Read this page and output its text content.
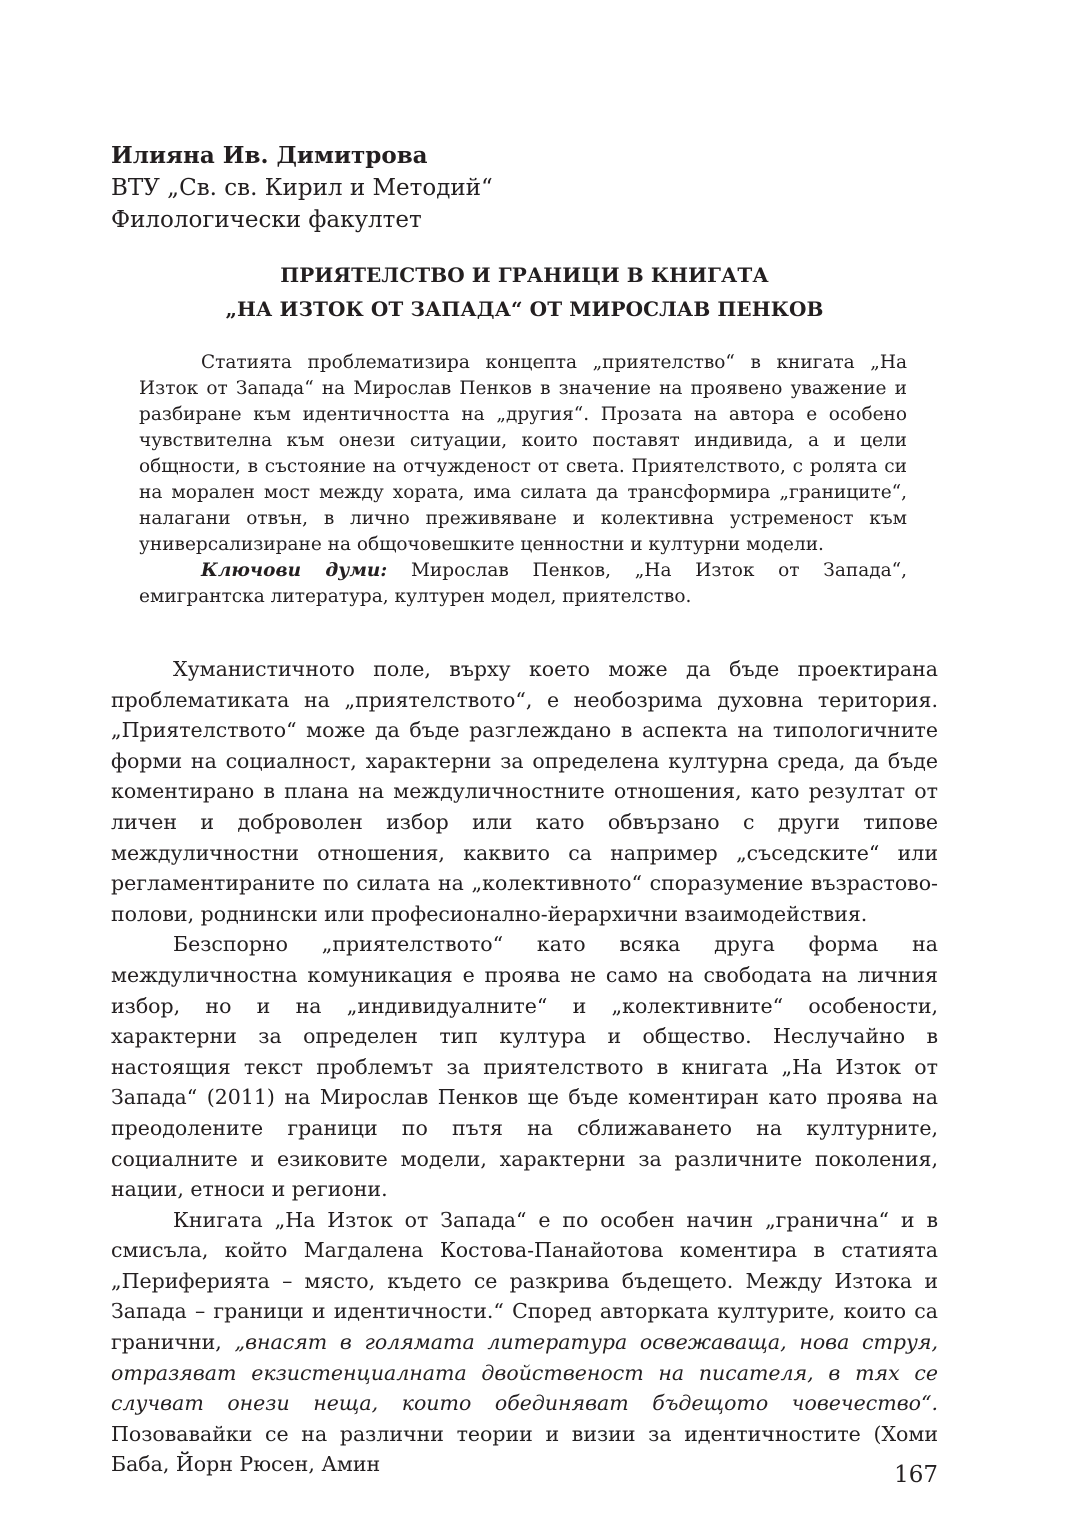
Илияна Ив. Димитрова
ВТУ „Св. св. Кирил и Методий“
Филологически факултет
ПРИЯТЕЛСТВО И ГРАНИЦИ В КНИГАТА
„НА ИЗТОК ОТ ЗАПАДА“ ОТ МИРОСЛАВ ПЕНКОВ

Статията проблематизира концепта „приятелство“ в книгата „На Изток от Запада“ на Мирослав Пенков в значение на проявено уважение и разбиране към идентичността на „другия“. Прозата на автора е особено чувствителна към онези ситуации, които поставят индивида, а и цели общности, в състояние на отчужденост от света. Приятелството, с ролята си на морален мост между хората, има силата да трансформира „границите“, налагани отвън, в лично преживяване и колективна устременост към универсализиране на общочовешките ценностни и културни модели.

Ключови думи: Мирослав Пенков, „На Изток от Запада“, емигрантска литература, културен модел, приятелство.

Хуманистичното поле, върху което може да бъде проектирана проблематиката на „приятелството“, е необозрима духовна територия. „Приятелството“ може да бъде разглеждано в аспекта на типологичните форми на социалност, характерни за определена културна среда, да бъде коментирано в плана на междуличностните отношения, като резултат от личен и доброволен избор или като обвързано с други типове междуличностни отношения, каквито са например „съседските“ или регламентираните по силата на „колективното“ споразумение възрастово-полови, роднински или професионално-йерархични взаимодействия.

Безспорно „приятелството“ като всяка друга форма на междуличностна комуникация е проява не само на свободата на личния избор, но и на „индивидуалните“ и „колективните“ особености, характерни за определен тип култура и общество. Неслучайно в настоящия текст проблемът за приятелството в книгата „На Изток от Запада“ (2011) на Мирослав Пенков ще бъде коментиран като проява на преодолените граници по пътя на сближаването на културните, социалните и езиковите модели, характерни за различните поколения, нации, етноси и региони.

Книгата „На Изток от Запада“ е по особен начин „гранична“ и в смисъла, който Магдалена Костова-Панайотова коментира в статията „Периферията – място, където се разкрива бъдещето. Между Изтока и Запада – граници и идентичности.“ Според авторката културите, които са гранични, „внасят в голямата литература освежаваща, нова струя, отразяват екзистенциалната двойственост на писателя, в тях се случват онези неща, които обединяват бъдещото човечество“. Позовавайки се на различни теории и визии за идентичностите (Хоми Баба, Йорн Рюсен, Амин	167
